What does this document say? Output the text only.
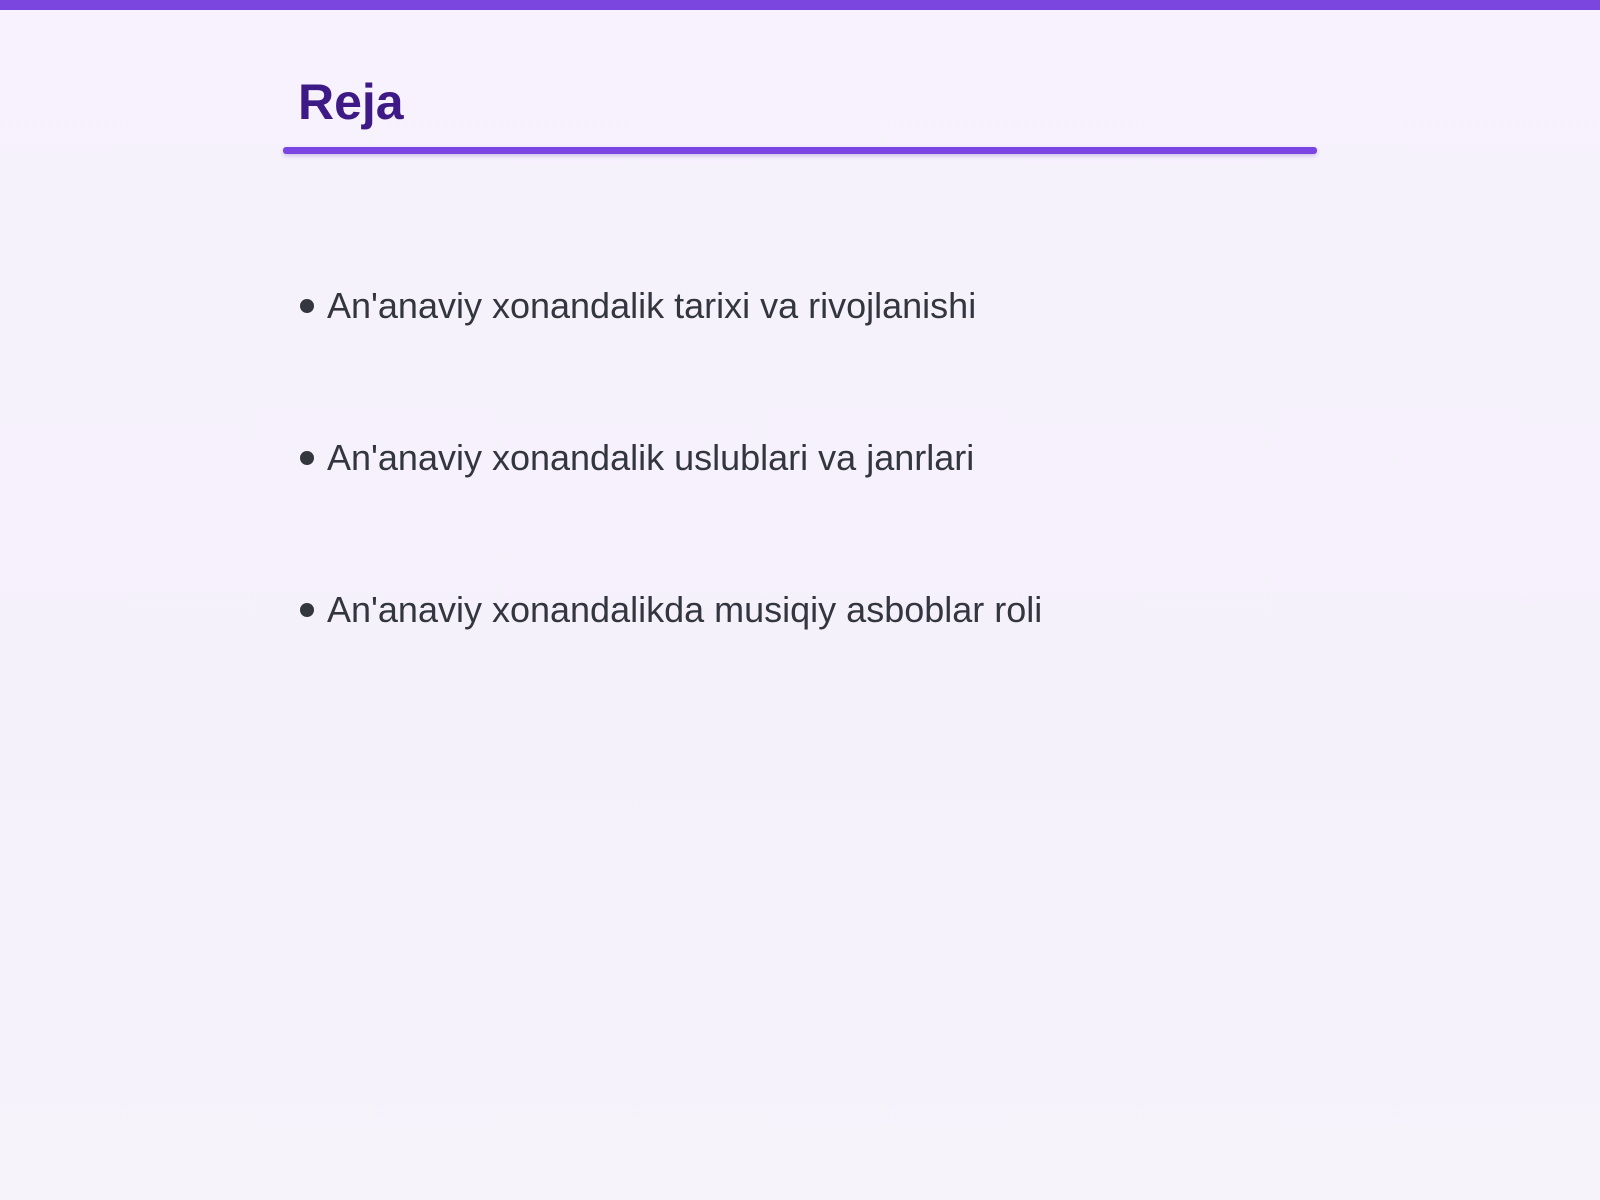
Reja
An'anaviy xonandalik tarixi va rivojlanishi
An'anaviy xonandalik uslublari va janrlari
An'anaviy xonandalikda musiqiy asboblar roli
